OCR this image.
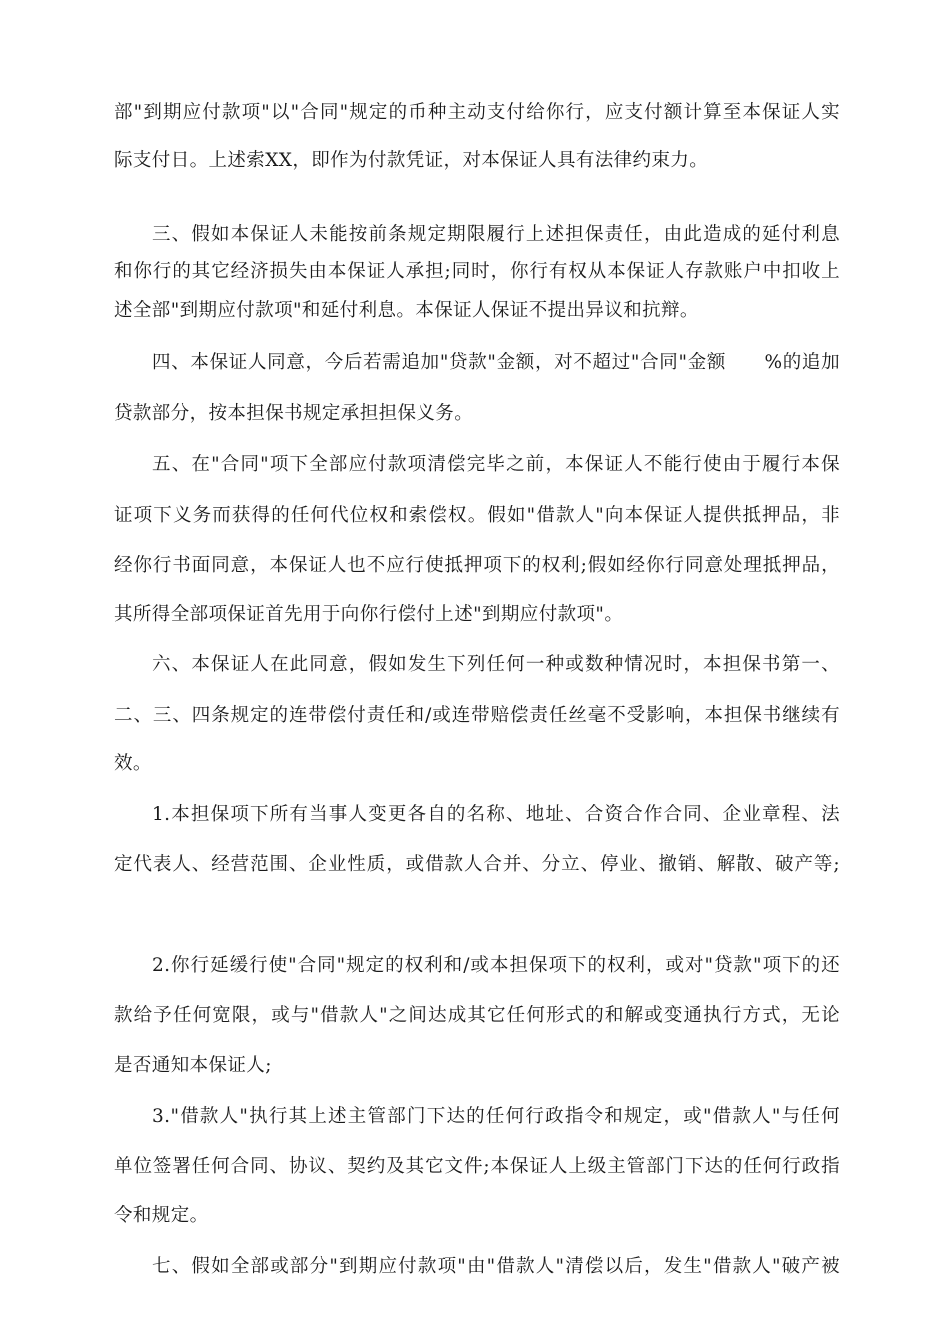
部"到期应付款项"以"合同"规定的币种主动支付给你行，应支付额计算至本保证人实
际支付日。上述索XX，即作为付款凭证，对本保证人具有法律约束力。
三、假如本保证人未能按前条规定期限履行上述担保责任，由此造成的延付利息
和你行的其它经济损失由本保证人承担;同时，你行有权从本保证人存款账户中扣收上
述全部"到期应付款项"和延付利息。本保证人保证不提出异议和抗辩。
四、本保证人同意，今后若需追加"贷款"金额，对不超过"合同"金额　　%的追加
贷款部分，按本担保书规定承担担保义务。
五、在"合同"项下全部应付款项清偿完毕之前，本保证人不能行使由于履行本保
证项下义务而获得的任何代位权和索偿权。假如"借款人"向本保证人提供抵押品，非
经你行书面同意，本保证人也不应行使抵押项下的权利;假如经你行同意处理抵押品，
其所得全部项保证首先用于向你行偿付上述"到期应付款项"。
六、本保证人在此同意，假如发生下列任何一种或数种情况时，本担保书第一、
二、三、四条规定的连带偿付责任和/或连带赔偿责任丝毫不受影响，本担保书继续有
效。
1.本担保项下所有当事人变更各自的名称、地址、合资合作合同、企业章程、法
定代表人、经营范围、企业性质，或借款人合并、分立、停业、撤销、解散、破产等;
2.你行延缓行使"合同"规定的权利和/或本担保项下的权利，或对"贷款"项下的还
款给予任何宽限，或与"借款人"之间达成其它任何形式的和解或变通执行方式，无论
是否通知本保证人;
3."借款人"执行其上述主管部门下达的任何行政指令和规定，或"借款人"与任何
单位签署任何合同、协议、契约及其它文件;本保证人上级主管部门下达的任何行政指
令和规定。
七、假如全部或部分"到期应付款项"由"借款人"清偿以后，发生"借款人"破产被
